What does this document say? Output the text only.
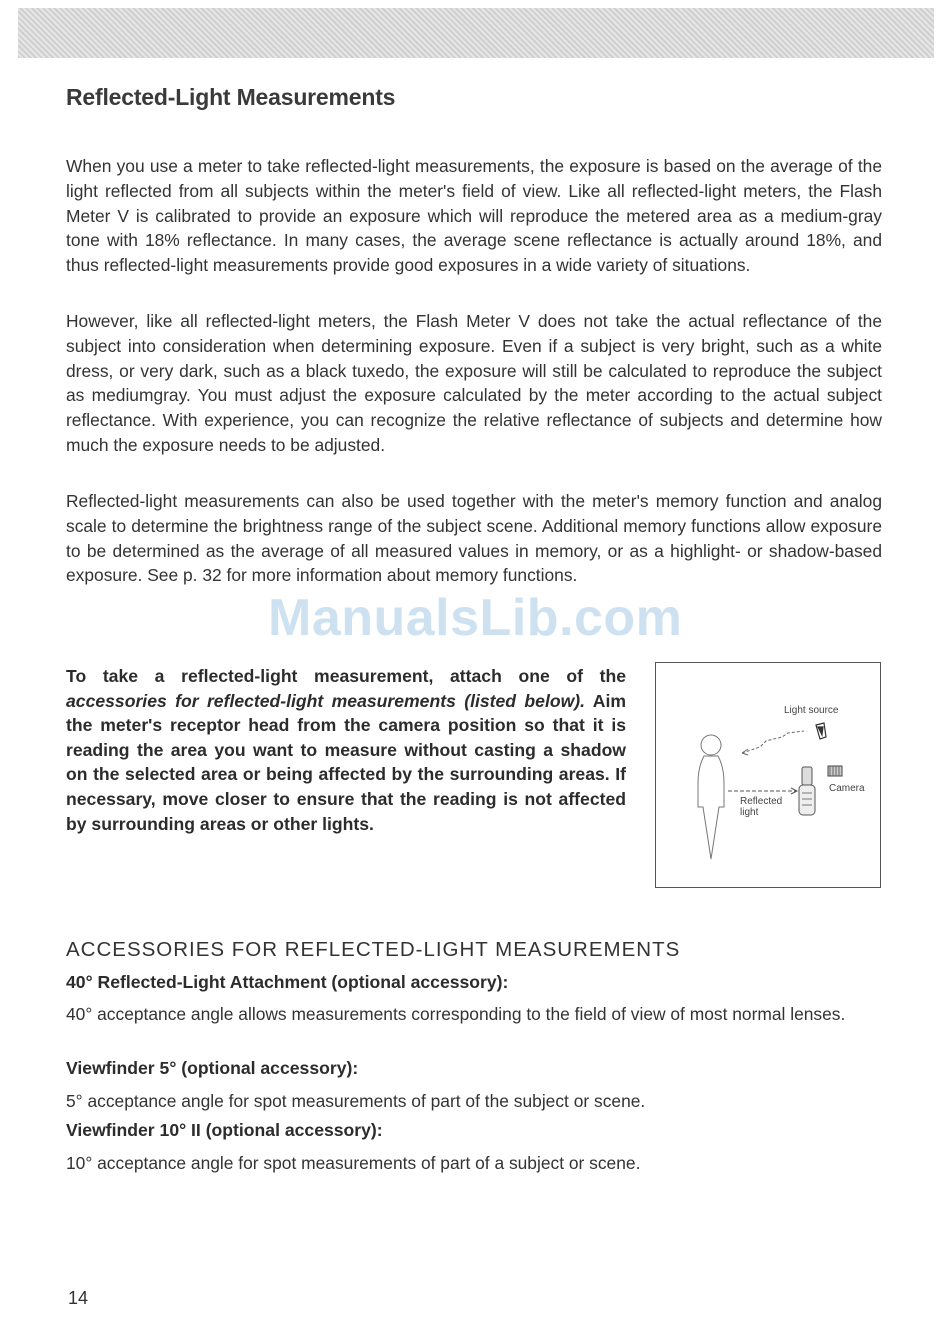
Reflected-Light Measurements

When you use a meter to take reflected-light measurements, the exposure is based on the average of the light reflected from all subjects within the meter's field of view. Like all reflected-light meters, the Flash Meter V is calibrated to provide an exposure which will reproduce the metered area as a medium-gray tone with 18% reflectance. In many cases, the average scene reflectance is actually around 18%, and thus reflected-light measurements provide good exposures in a wide variety of situations.

However, like all reflected-light meters, the Flash Meter V does not take the actual reflectance of the subject into consideration when determining exposure. Even if a subject is very bright, such as a white dress, or very dark, such as a black tuxedo, the exposure will still be calculated to reproduce the subject as mediumgray. You must adjust the exposure calculated by the meter according to the actual subject reflectance. With experience, you can recognize the relative reflectance of subjects and determine how much the exposure needs to be adjusted.

Reflected-light measurements can also be used together with the meter's memory function and analog scale to determine the brightness range of the subject scene. Additional memory functions allow exposure to be determined as the average of all measured values in memory, or as a highlight- or shadow-based exposure. See p. 32 for more information about memory functions.

ManualsLib.com

To take a reflected-light measurement, attach one of the accessories for reflected-light measurements (listed below). Aim the meter's receptor head from the camera position so that it is reading the area you want to measure without casting a shadow on the selected area or being affected by the surrounding areas. If necessary, move closer to ensure that the reading is not affected by surrounding areas or other lights.

Light source
Camera
Reflected light
ACCESSORIES FOR REFLECTED-LIGHT MEASUREMENTS

40° Reflected-Light Attachment (optional accessory):

40° acceptance angle allows measurements corresponding to the field of view of most normal lenses.

Viewfinder 5° (optional accessory):

5° acceptance angle for spot measurements of part of the subject or scene.

Viewfinder 10° II (optional accessory):

10° acceptance angle for spot measurements of part of a subject or scene.

14
